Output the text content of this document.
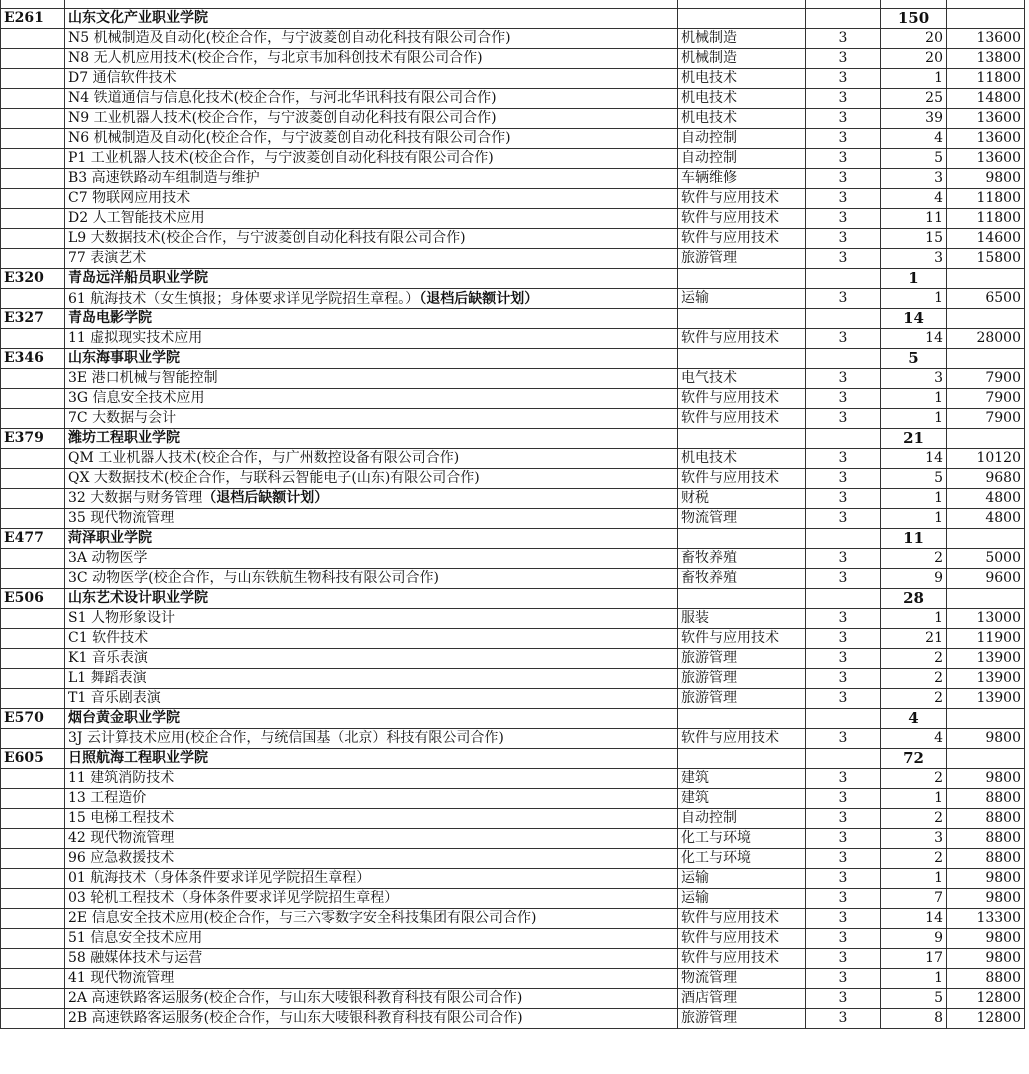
E261	山东文化产业职业学院			150	
	N5 机械制造及自动化(校企合作，与宁波菱创自动化科技有限公司合作)	机械制造	3	20	13600
	N8 无人机应用技术(校企合作，与北京韦加科创技术有限公司合作)	机械制造	3	20	13800
	D7 通信软件技术	机电技术	3	1	11800
	N4 铁道通信与信息化技术(校企合作，与河北华讯科技有限公司合作)	机电技术	3	25	14800
	N9 工业机器人技术(校企合作，与宁波菱创自动化科技有限公司合作)	机电技术	3	39	13600
	N6 机械制造及自动化(校企合作，与宁波菱创自动化科技有限公司合作)	自动控制	3	4	13600
	P1 工业机器人技术(校企合作，与宁波菱创自动化科技有限公司合作)	自动控制	3	5	13600
	B3 高速铁路动车组制造与维护	车辆维修	3	3	9800
	C7 物联网应用技术	软件与应用技术	3	4	11800
	D2 人工智能技术应用	软件与应用技术	3	11	11800
	L9 大数据技术(校企合作，与宁波菱创自动化科技有限公司合作)	软件与应用技术	3	15	14600
	77 表演艺术	旅游管理	3	3	15800
E320	青岛远洋船员职业学院			1	
	61 航海技术（女生慎报；身体要求详见学院招生章程。）（退档后缺额计划）	运输	3	1	6500
E327	青岛电影学院			14	
	11 虚拟现实技术应用	软件与应用技术	3	14	28000
E346	山东海事职业学院			5	
	3E 港口机械与智能控制	电气技术	3	3	7900
	3G 信息安全技术应用	软件与应用技术	3	1	7900
	7C 大数据与会计	软件与应用技术	3	1	7900
E379	潍坊工程职业学院			21	
	QM 工业机器人技术(校企合作，与广州数控设备有限公司合作)	机电技术	3	14	10120
	QX 大数据技术(校企合作，与联科云智能电子(山东)有限公司合作)	软件与应用技术	3	5	9680
	32 大数据与财务管理（退档后缺额计划）	财税	3	1	4800
	35 现代物流管理	物流管理	3	1	4800
E477	菏泽职业学院			11	
	3A 动物医学	畜牧养殖	3	2	5000
	3C 动物医学(校企合作，与山东铁航生物科技有限公司合作)	畜牧养殖	3	9	9600
E506	山东艺术设计职业学院			28	
	S1 人物形象设计	服装	3	1	13000
	C1 软件技术	软件与应用技术	3	21	11900
	K1 音乐表演	旅游管理	3	2	13900
	L1 舞蹈表演	旅游管理	3	2	13900
	T1 音乐剧表演	旅游管理	3	2	13900
E570	烟台黄金职业学院			4	
	3J 云计算技术应用(校企合作，与统信国基（北京）科技有限公司合作)	软件与应用技术	3	4	9800
E605	日照航海工程职业学院			72	
	11 建筑消防技术	建筑	3	2	9800
	13 工程造价	建筑	3	1	8800
	15 电梯工程技术	自动控制	3	2	8800
	42 现代物流管理	化工与环境	3	3	8800
	96 应急救援技术	化工与环境	3	2	8800
	01 航海技术（身体条件要求详见学院招生章程）	运输	3	1	9800
	03 轮机工程技术（身体条件要求详见学院招生章程）	运输	3	7	9800
	2E 信息安全技术应用(校企合作，与三六零数字安全科技集团有限公司合作)	软件与应用技术	3	14	13300
	51 信息安全技术应用	软件与应用技术	3	9	9800
	58 融媒体技术与运营	软件与应用技术	3	17	9800
	41 现代物流管理	物流管理	3	1	8800
	2A 高速铁路客运服务(校企合作，与山东大唛银科教育科技有限公司合作)	酒店管理	3	5	12800
	2B 高速铁路客运服务(校企合作，与山东大唛银科教育科技有限公司合作)	旅游管理	3	8	12800
